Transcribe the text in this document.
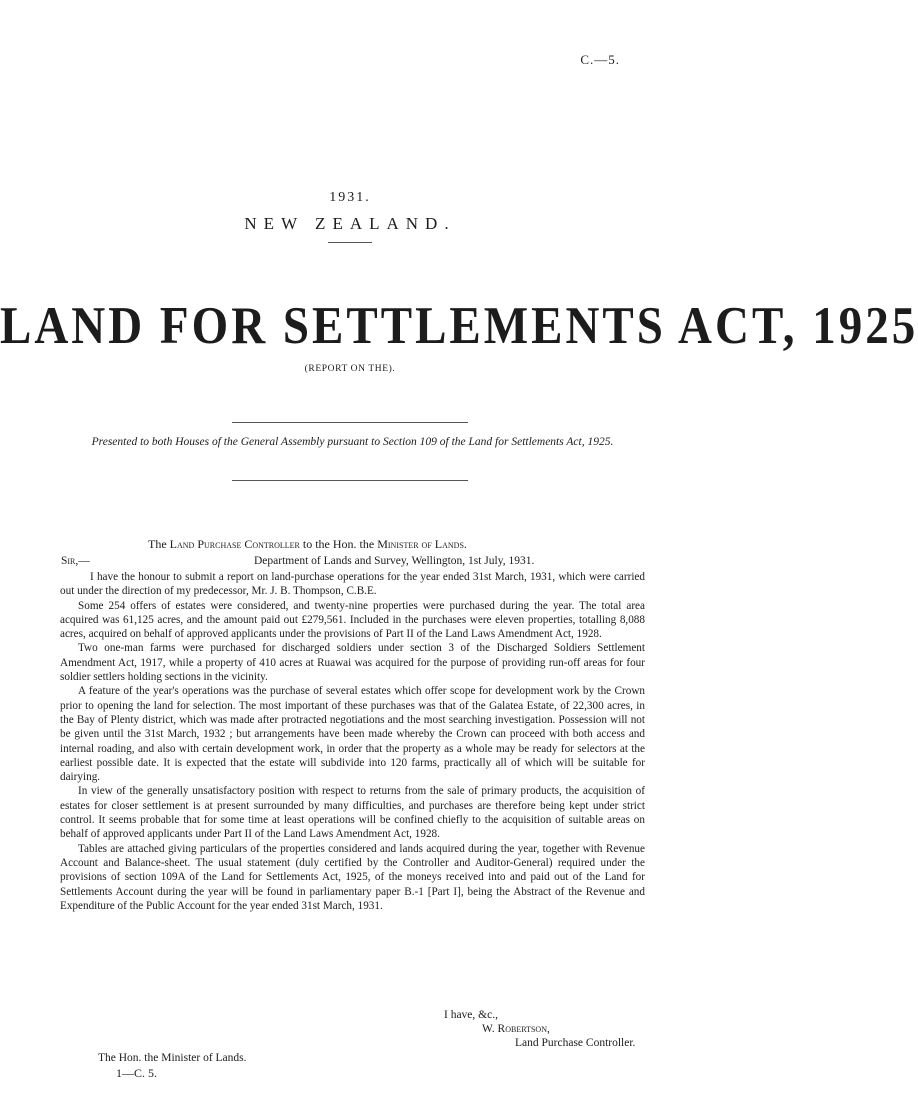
C.—5.
1931.
NEW ZEALAND.
LAND FOR SETTLEMENTS ACT, 1925
(REPORT ON THE).
Presented to both Houses of the General Assembly pursuant to Section 109 of the Land for Settlements Act, 1925.
The Land Purchase Controller to the Hon. the Minister of Lands.
Sir,—	Department of Lands and Survey, Wellington, 1st July, 1931.

I have the honour to submit a report on land-purchase operations for the year ended 31st March, 1931, which were carried out under the direction of my predecessor, Mr. J. B. Thompson, C.B.E.

Some 254 offers of estates were considered, and twenty-nine properties were purchased during the year. The total area acquired was 61,125 acres, and the amount paid out £279,561. Included in the purchases were eleven properties, totalling 8,088 acres, acquired on behalf of approved applicants under the provisions of Part II of the Land Laws Amendment Act, 1928.

Two one-man farms were purchased for discharged soldiers under section 3 of the Discharged Soldiers Settlement Amendment Act, 1917, while a property of 410 acres at Ruawai was acquired for the purpose of providing run-off areas for four soldier settlers holding sections in the vicinity.

A feature of the year's operations was the purchase of several estates which offer scope for development work by the Crown prior to opening the land for selection. The most important of these purchases was that of the Galatea Estate, of 22,300 acres, in the Bay of Plenty district, which was made after protracted negotiations and the most searching investigation. Possession will not be given until the 31st March, 1932 ; but arrangements have been made whereby the Crown can proceed with both access and internal roading, and also with certain development work, in order that the property as a whole may be ready for selectors at the earliest possible date. It is expected that the estate will subdivide into 120 farms, practically all of which will be suitable for dairying.

In view of the generally unsatisfactory position with respect to returns from the sale of primary products, the acquisition of estates for closer settlement is at present surrounded by many difficulties, and purchases are therefore being kept under strict control. It seems probable that for some time at least operations will be confined chiefly to the acquisition of suitable areas on behalf of approved applicants under Part II of the Land Laws Amendment Act, 1928.

Tables are attached giving particulars of the properties considered and lands acquired during the year, together with Revenue Account and Balance-sheet. The usual statement (duly certified by the Controller and Auditor-General) required under the provisions of section 109A of the Land for Settlements Act, 1925, of the moneys received into and paid out of the Land for Settlements Account during the year will be found in parliamentary paper B.-1 [Part I], being the Abstract of the Revenue and Expenditure of the Public Account for the year ended 31st March, 1931.

I have, &c.,
W. Robertson,
Land Purchase Controller.
The Hon. the Minister of Lands.
1—C. 5.
